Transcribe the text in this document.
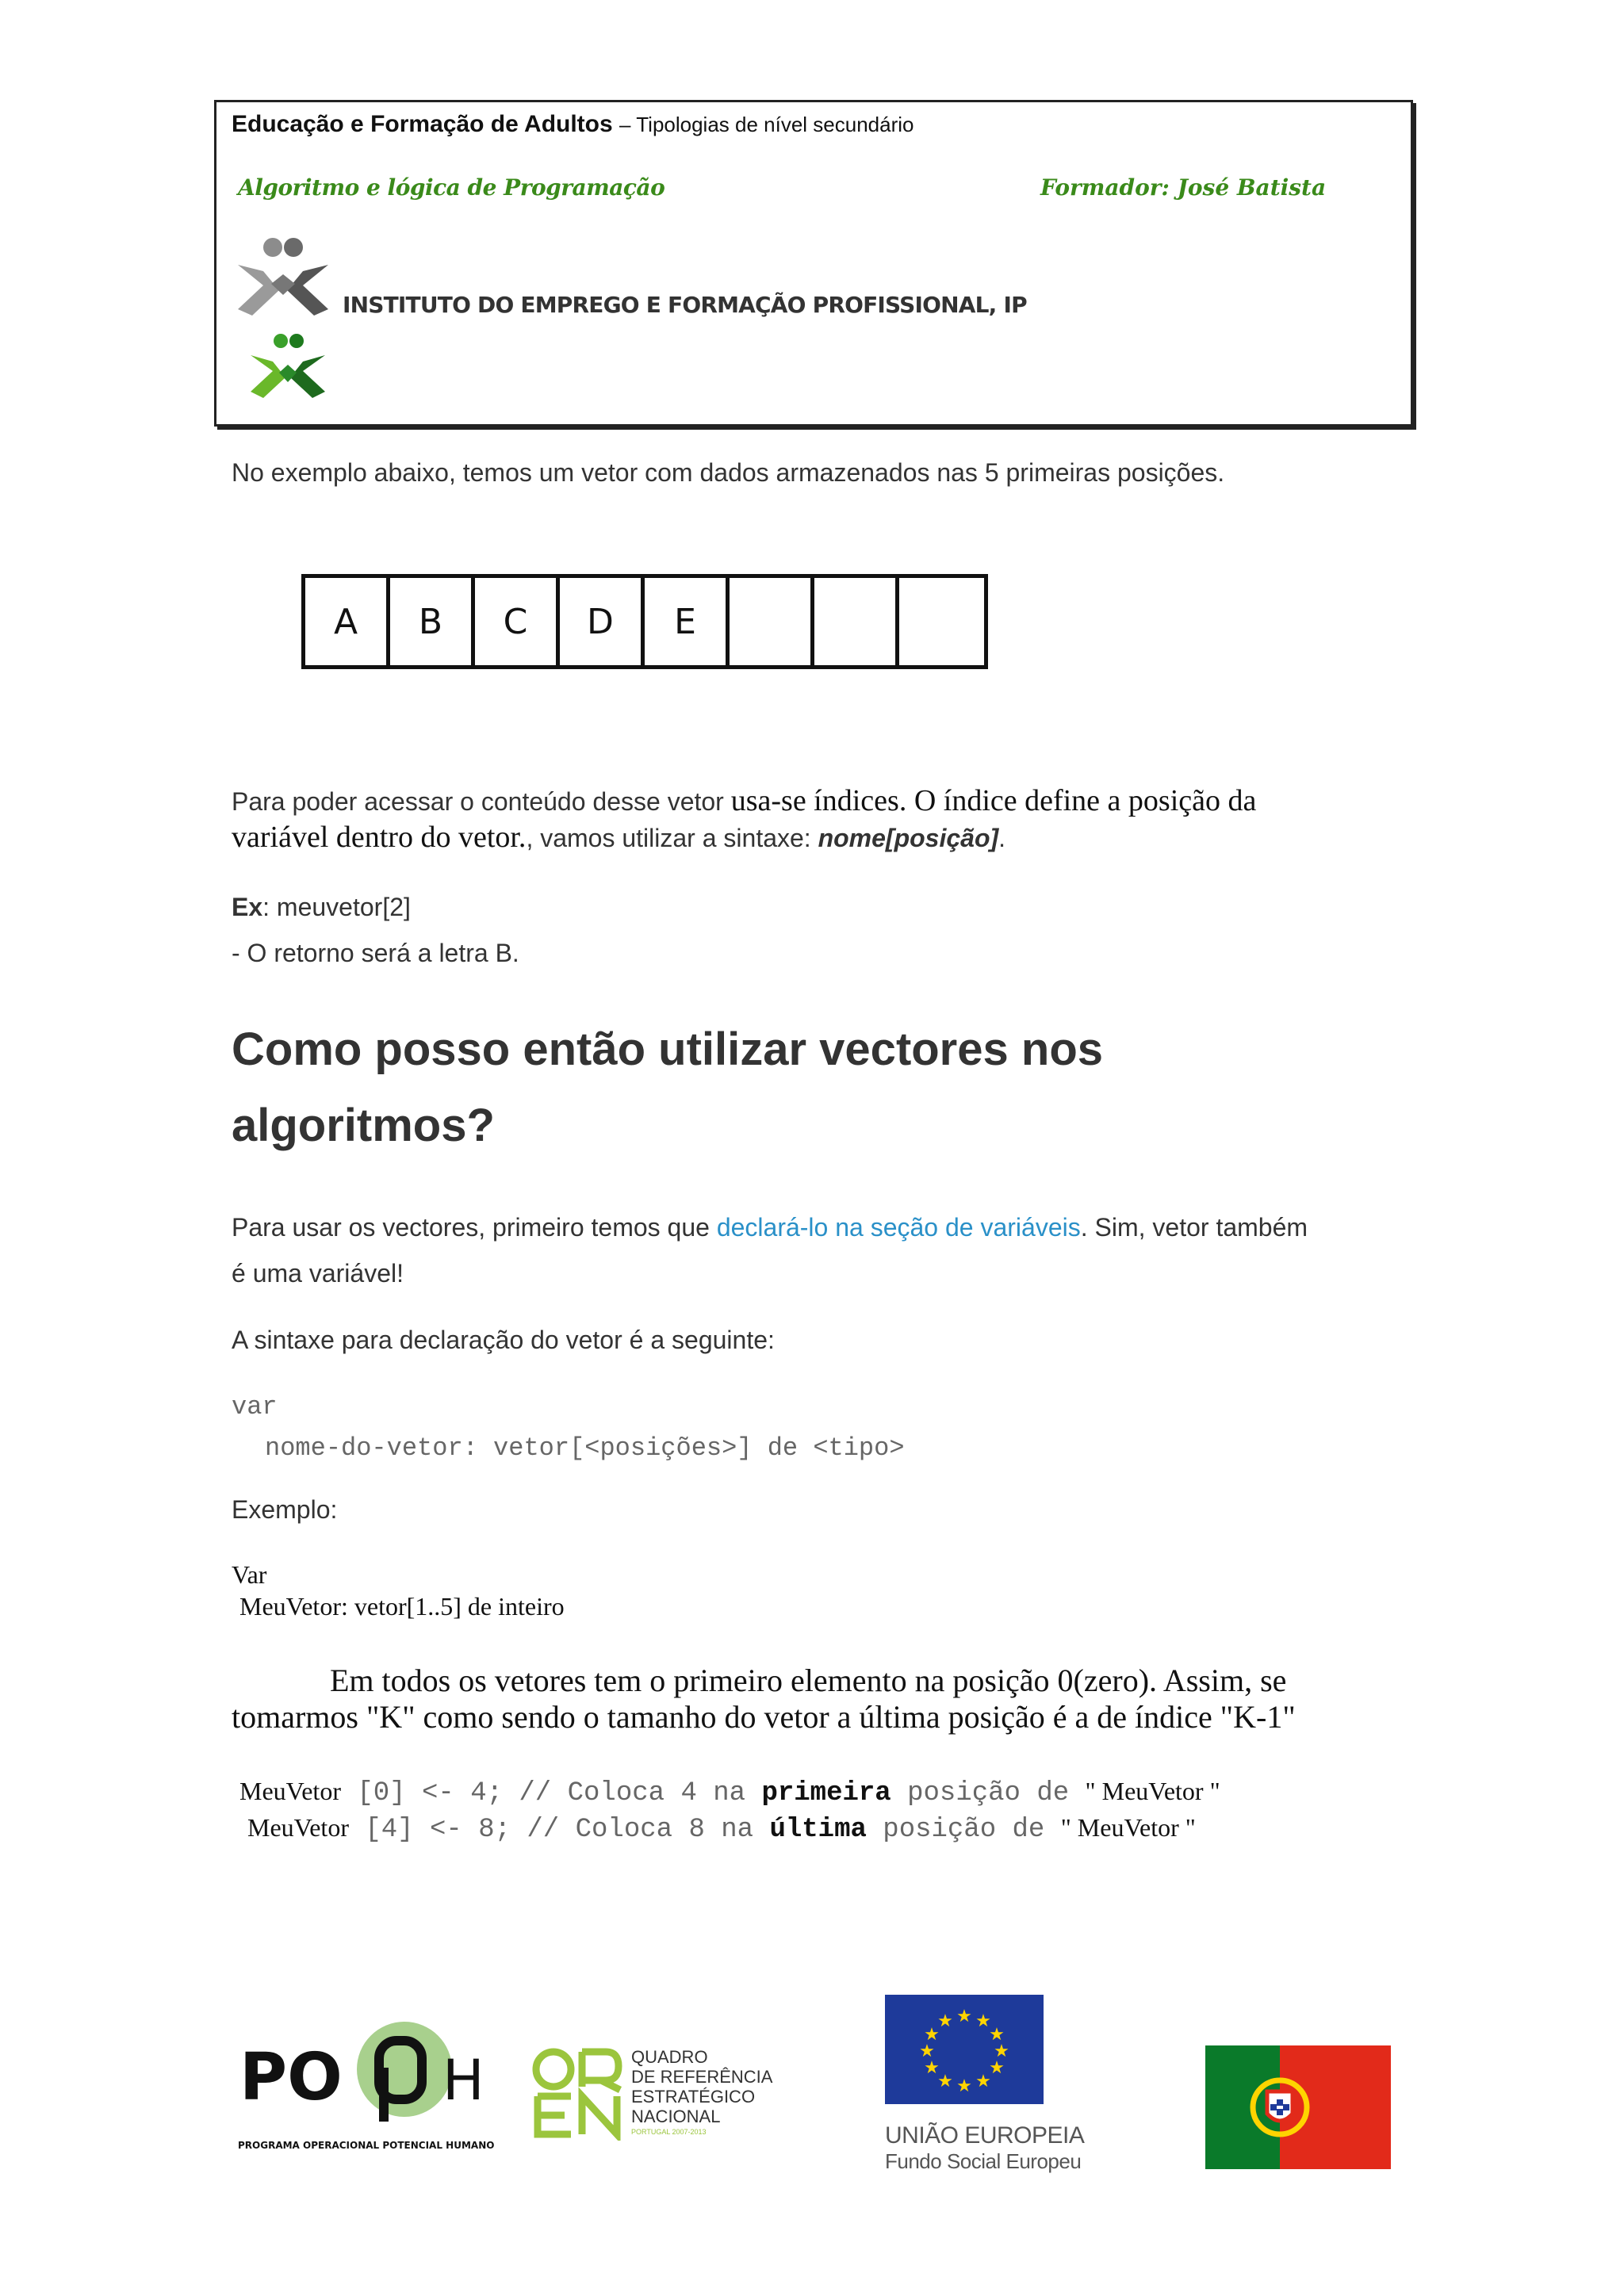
Educação e Formação de Adultos – Tipologias de nível secundário
Algoritmo e lógica de Programação	Formador: José Batista
INSTITUTO DO EMPREGO E FORMAÇÃO PROFISSIONAL, IP
No exemplo abaixo, temos um vetor com dados armazenados nas 5 primeiras posições.
A	B	C	D	E
Para poder acessar o conteúdo desse vetor usa-se índices. O índice define a posição da
variável dentro do vetor., vamos utilizar a sintaxe: nome[posição].
Ex: meuvetor[2]
- O retorno será a letra B.
Como posso então utilizar vectores nos
algoritmos?
Para usar os vectores, primeiro temos que declará-lo na seção de variáveis. Sim, vetor também
é uma variável!
A sintaxe para declaração do vetor é a seguinte:
var
nome-do-vetor: vetor[<posições>] de <tipo>
Exemplo:
Var
MeuVetor: vetor[1..5] de inteiro
Em todos os vetores tem o primeiro elemento na posição 0(zero). Assim, se
tomarmos "K" como sendo o tamanho do vetor a última posição é a de índice "K-1"
MeuVetor [0] <- 4; // Coloca 4 na primeira posição de " MeuVetor "
MeuVetor [4] <- 8; // Coloca 8 na última posição de " MeuVetor "
PO H
PROGRAMA OPERACIONAL POTENCIAL HUMANO
QUADRO
DE REFERÊNCIA
ESTRATÉGICO
NACIONAL
PORTUGAL 2007-2013
★ ★
★
★
★
★
★
★
★
★
★
★
UNIÃO EUROPEIA
Fundo Social Europeu
